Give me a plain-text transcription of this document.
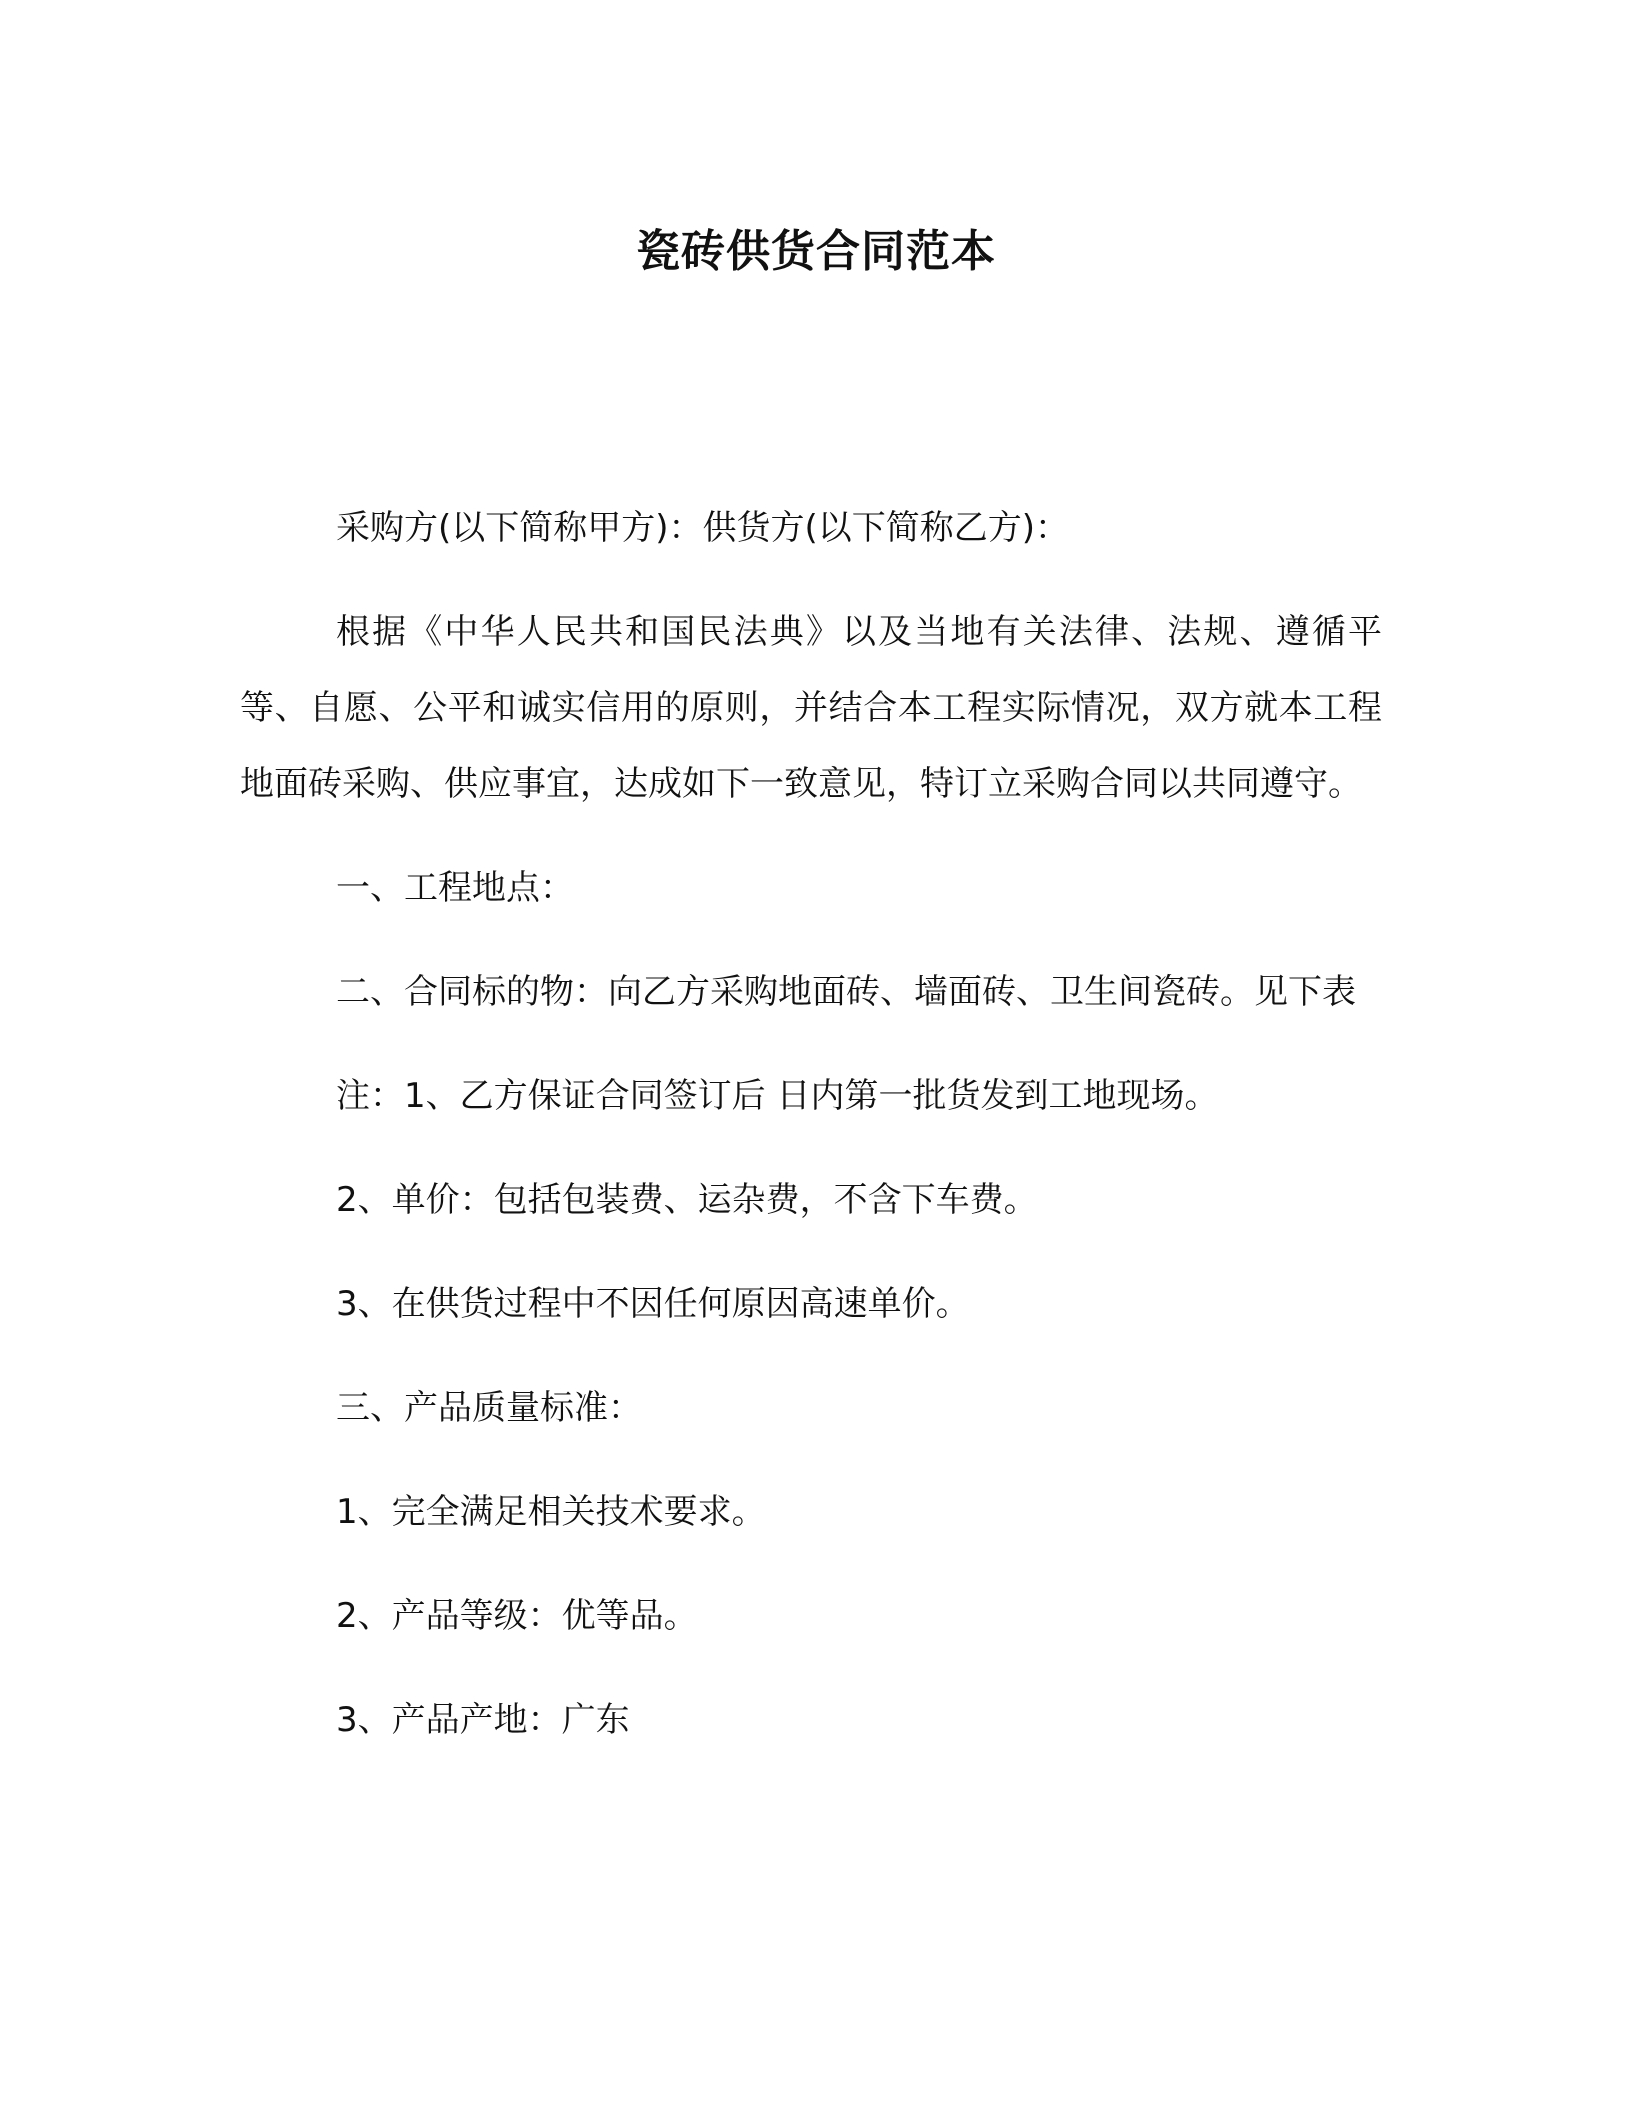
瓷砖供货合同范本

采购方(以下简称甲方)：供货方(以下简称乙方)：

根据《中华人民共和国民法典》以及当地有关法律、法规、遵循平等、自愿、公平和诚实信用的原则，并结合本工程实际情况，双方就本工程地面砖采购、供应事宜，达成如下一致意见，特订立采购合同以共同遵守。

一、工程地点：

二、合同标的物：向乙方采购地面砖、墙面砖、卫生间瓷砖。见下表

注：1、乙方保证合同签订后 日内第一批货发到工地现场。

2、单价：包括包装费、运杂费，不含下车费。

3、在供货过程中不因任何原因高速单价。

三、产品质量标准：

1、完全满足相关技术要求。

2、产品等级：优等品。

3、产品产地：广东
